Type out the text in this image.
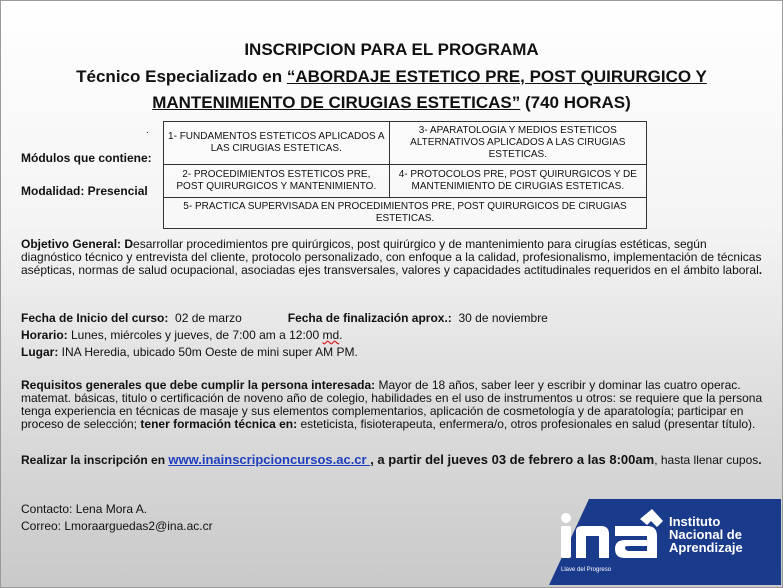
INSCRIPCION PARA EL PROGRAMA
Técnico Especializado en “ABORDAJE ESTETICO PRE, POST QUIRURGICO Y
MANTENIMIENTO DE CIRUGIAS ESTETICAS” (740 HORAS)
.
Módulos que contiene:
Modalidad: Presencial
1- FUNDAMENTOS ESTETICOS APLICADOS A LAS CIRUGIAS ESTETICAS.	3- APARATOLOGIA Y MEDIOS ESTETICOS ALTERNATIVOS APLICADOS A LAS CIRUGIAS ESTETICAS.
2- PROCEDIMIENTOS ESTETICOS PRE, POST QUIRURGICOS Y MANTENIMIENTO.	4- PROTOCOLOS PRE, POST QUIRURGICOS Y DE MANTENIMIENTO DE CIRUGIAS ESTETICAS.
5- PRACTICA SUPERVISADA EN PROCEDIMIENTOS PRE, POST QUIRURGICOS DE CIRUGIAS ESTETICAS.	
Objetivo General: Desarrollar procedimientos pre quirúrgicos, post quirúrgico y de mantenimiento para cirugías estéticas, según diagnóstico técnico y entrevista del cliente, protocolo personalizado, con enfoque a la calidad, profesionalismo, implementación de técnicas asépticas, normas de salud ocupacional, asociadas ejes transversales, valores y capacidades actitudinales requeridos en el ámbito laboral.
Fecha de Inicio del curso: 02 de marzo	Fecha de finalización aprox.: 30 de noviembre
Horario: Lunes, miércoles y jueves, de 7:00 am a 12:00 md.
Lugar: INA Heredia, ubicado 50m Oeste de mini super AM PM.
Requisitos generales que debe cumplir la persona interesada: Mayor de 18 años, saber leer y escribir y dominar las cuatro operac. matemat. básicas, titulo o certificación de noveno año de colegio, habilidades en el uso de instrumentos u otros: se requiere que la persona tenga experiencia en técnicas de masaje y sus elementos complementarios, aplicación de cosmetología y de aparatología; participar en proceso de selección; tener formación técnica en: esteticista, fisioterapeuta, enfermera/o, otros profesionales en salud (presentar título).
Realizar la inscripción en www.inainscripcioncursos.ac.cr , a partir del jueves 03 de febrero a las 8:00am, hasta llenar cupos.
Contacto: Lena Mora A.
Correo: Lmoraarguedas2@ina.ac.cr	Instituto
Nacional de
Aprendizaje
Llave del Progreso
